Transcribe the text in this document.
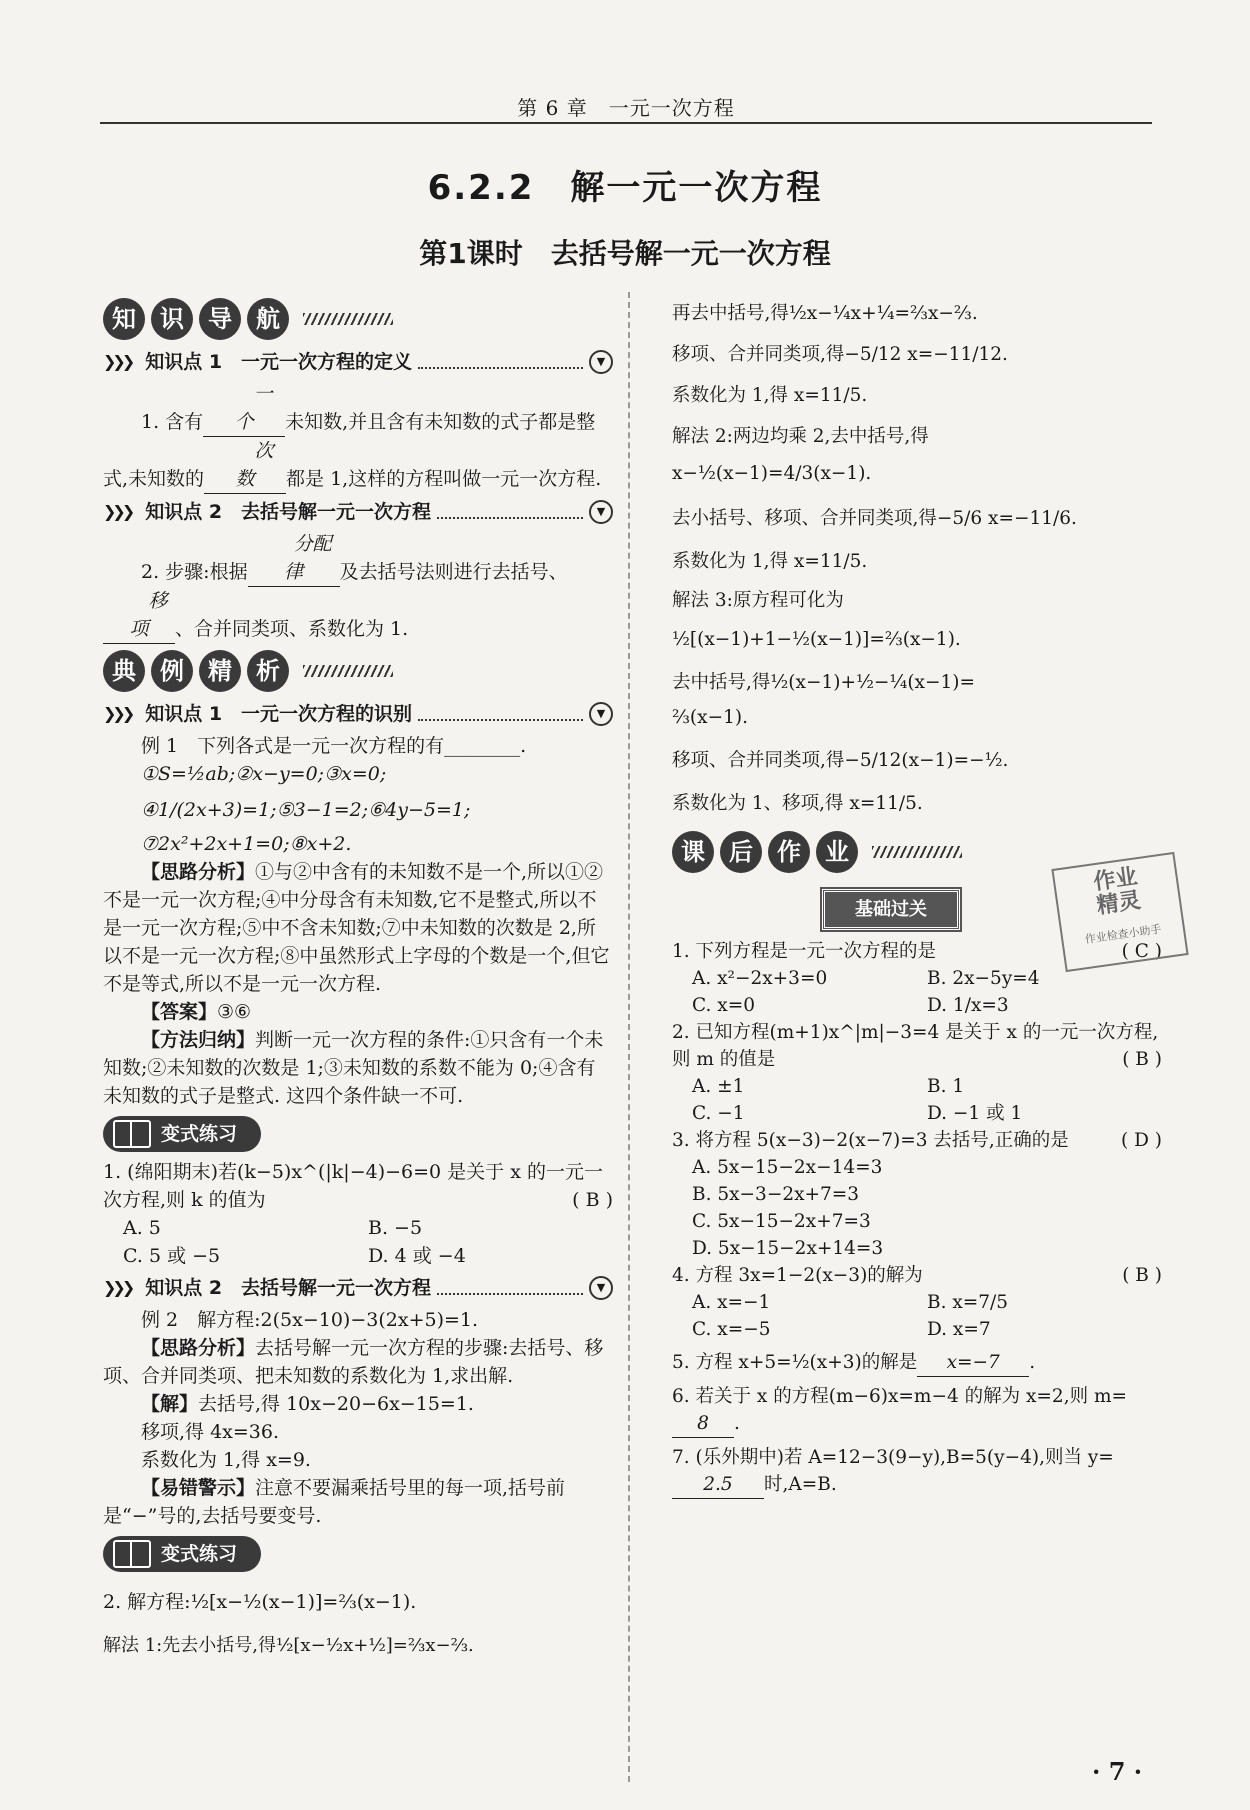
第 6 章　一元一次方程
6.2.2　解一元一次方程
第1课时　去括号解一元一次方程
知	识	导	航
❯❯❯ 知识点 1　一元一次方程的定义	▼

1. 含有一个 未知数,并且含有未知数的式子都是整式,未知数的次数 都是 1,这样的方程叫做一元一次方程.

❯❯❯ 知识点 2　去括号解一元一次方程	▼

2. 步骤:根据分配律 及去括号法则进行去括号、移项 、合并同类项、系数化为 1.

典	例	精	析
❯❯❯ 知识点 1　一元一次方程的识别	▼

例 1　下列各式是一元一次方程的有________.

①S=½ab;②x−y=0;③x=0;

④1/(2x+3)=1;⑤3−1=2;⑥4y−5=1;

⑦2x²+2x+1=0;⑧x+2.

【思路分析】①与②中含有的未知数不是一个,所以①②不是一元一次方程;④中分母含有未知数,它不是整式,所以不是一元一次方程;⑤中不含未知数;⑦中未知数的次数是 2,所以不是一元一次方程;⑧中虽然形式上字母的个数是一个,但它不是等式,所以不是一元一次方程.

【答案】③⑥

【方法归纳】判断一元一次方程的条件:①只含有一个未知数;②未知数的次数是 1;③未知数的系数不能为 0;④含有未知数的式子是整式. 这四个条件缺一不可.

变式练习

1. (绵阳期末)若(k−5)x^(|k|−4)−6=0 是关于 x 的一元一次方程,则 k 的值为	( B )

A. 5	B. −5
C. 5 或 −5	D. 4 或 −4
❯❯❯ 知识点 2　去括号解一元一次方程	▼

例 2　解方程:2(5x−10)−3(2x+5)=1.

【思路分析】去括号解一元一次方程的步骤:去括号、移项、合并同类项、把未知数的系数化为 1,求出解.

【解】去括号,得 10x−20−6x−15=1.

移项,得 4x=36.

系数化为 1,得 x=9.

【易错警示】注意不要漏乘括号里的每一项,括号前是“−”号的,去括号要变号.

变式练习

2. 解方程:½[x−½(x−1)]=⅔(x−1).

解法 1:先去小括号,得½[x−½x+½]=⅔x−⅔.

再去中括号,得½x−¼x+¼=⅔x−⅔.

移项、合并同类项,得−5/12 x=−11/12.

系数化为 1,得 x=11/5.

解法 2:两边均乘 2,去中括号,得

x−½(x−1)=4/3(x−1).

去小括号、移项、合并同类项,得−5/6 x=−11/6.

系数化为 1,得 x=11/5.

解法 3:原方程可化为

½[(x−1)+1−½(x−1)]=⅔(x−1).

去中括号,得½(x−1)+½−¼(x−1)=

⅔(x−1).

移项、合并同类项,得−5/12(x−1)=−½.

系数化为 1、移项,得 x=11/5.

课	后	作	业
基础过关

1. 下列方程是一元一次方程的是	( C )

A. x²−2x+3=0	B. 2x−5y=4
C. x=0	D. 1/x=3

2. 已知方程(m+1)x^|m|−3=4 是关于 x 的一元一次方程,则 m 的值是	( B )

A. ±1	B. 1
C. −1	D. −1 或 1

3. 将方程 5(x−3)−2(x−7)=3 去括号,正确的是	( D )

A. 5x−15−2x−14=3

B. 5x−3−2x+7=3

C. 5x−15−2x+7=3

D. 5x−15−2x+14=3

4. 方程 3x=1−2(x−3)的解为	( B )

A. x=−1	B. x=7/5
C. x=−5	D. x=7

5. 方程 x+5=½(x+3)的解是 x=−7 .

6. 若关于 x 的方程(m−6)x=m−4 的解为 x=2,则 m=8 .

7. (乐外期中)若 A=12−3(9−y),B=5(y−4),则当 y=2.5 时,A=B.

作业
精灵
作业检查小助手
· 7 ·
